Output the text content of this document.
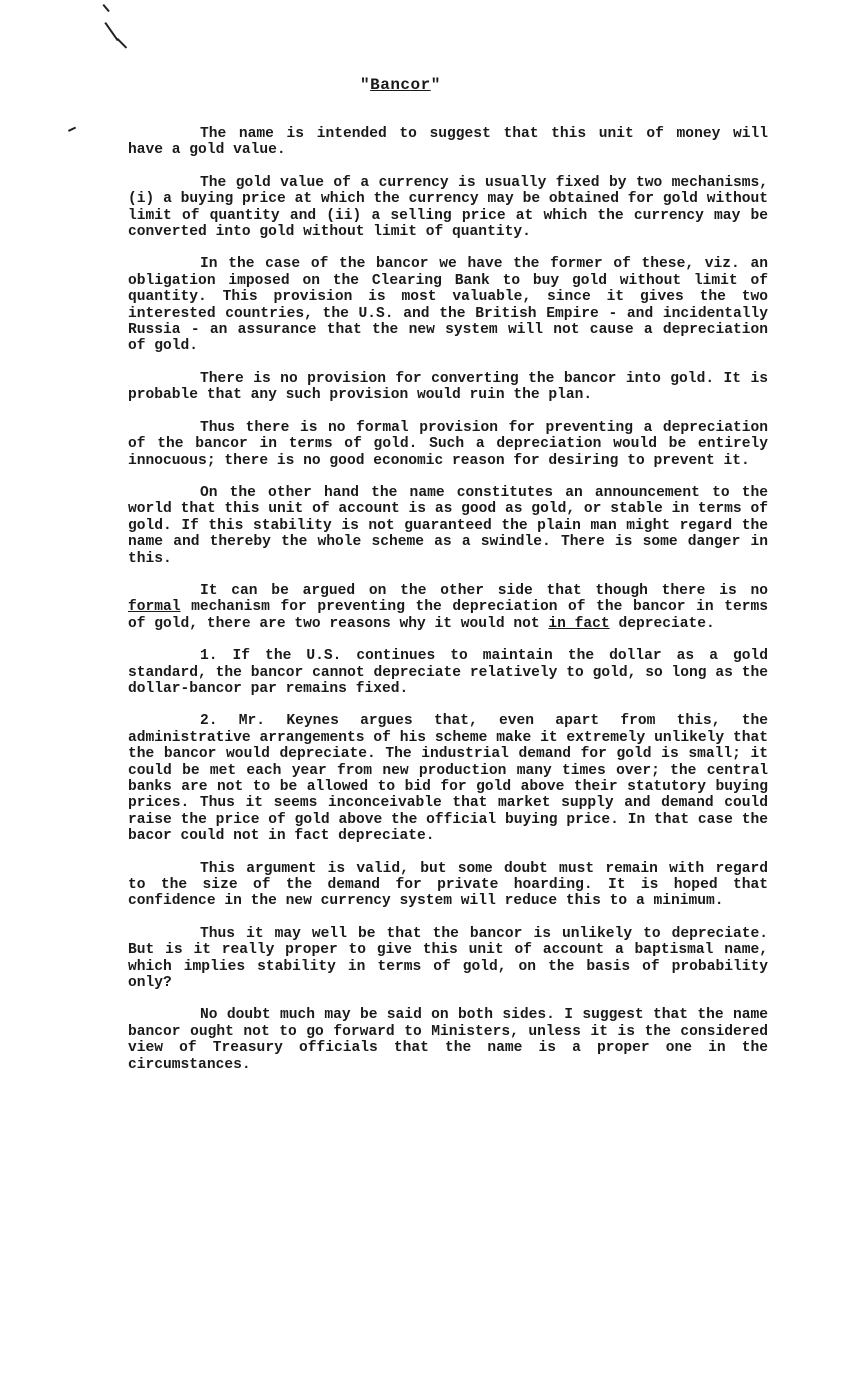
"Bancor"

The name is intended to suggest that this unit of money will have a gold value.

The gold value of a currency is usually fixed by two mechanisms, (i) a buying price at which the currency may be obtained for gold without limit of quantity and (ii) a selling price at which the currency may be converted into gold without limit of quantity.

In the case of the bancor we have the former of these, viz. an obligation imposed on the Clearing Bank to buy gold without limit of quantity. This provision is most valuable, since it gives the two interested countries, the U.S. and the British Empire - and incidentally Russia - an assurance that the new system will not cause a depreciation of gold.

There is no provision for converting the bancor into gold. It is probable that any such provision would ruin the plan.

Thus there is no formal provision for preventing a depreciation of the bancor in terms of gold. Such a depreciation would be entirely innocuous; there is no good economic reason for desiring to prevent it.

On the other hand the name constitutes an announcement to the world that this unit of account is as good as gold, or stable in terms of gold. If this stability is not guaranteed the plain man might regard the name and thereby the whole scheme as a swindle. There is some danger in this.

It can be argued on the other side that though there is no formal mechanism for preventing the depreciation of the bancor in terms of gold, there are two reasons why it would not in fact depreciate.

1. If the U.S. continues to maintain the dollar as a gold standard, the bancor cannot depreciate relatively to gold, so long as the dollar-bancor par remains fixed.

2. Mr. Keynes argues that, even apart from this, the administrative arrangements of his scheme make it extremely unlikely that the bancor would depreciate. The industrial demand for gold is small; it could be met each year from new production many times over; the central banks are not to be allowed to bid for gold above their statutory buying prices. Thus it seems inconceivable that market supply and demand could raise the price of gold above the official buying price. In that case the bacor could not in fact depreciate.

This argument is valid, but some doubt must remain with regard to the size of the demand for private hoarding. It is hoped that confidence in the new currency system will reduce this to a minimum.

Thus it may well be that the bancor is unlikely to depreciate. But is it really proper to give this unit of account a baptismal name, which implies stability in terms of gold, on the basis of probability only?

No doubt much may be said on both sides. I suggest that the name bancor ought not to go forward to Ministers, unless it is the considered view of Treasury officials that the name is a proper one in the circumstances.
